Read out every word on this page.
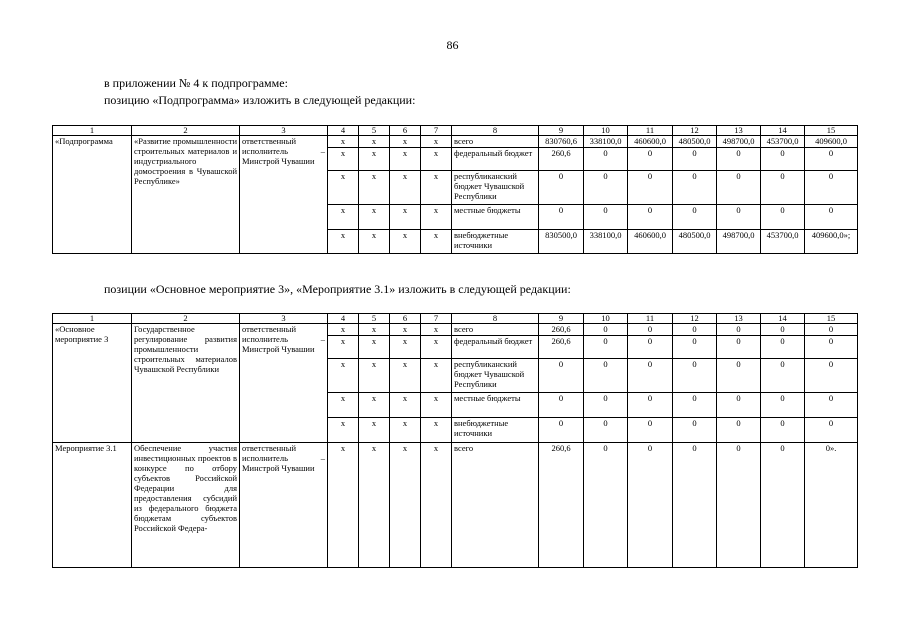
86
в приложении № 4 к подпрограмме:
позицию «Подпрограмма» изложить в следующей редакции:
1	2	3	4	5	6	7	8	9	10	11	12	13	14	15
«Подпрограмма	«Развитие промышленности строительных материалов и индустриального домостроения в Чувашской Республике»	ответственный исполнитель – Минстрой Чувашии	x	x	x	x	всего	830760,6	338100,0	460600,0	480500,0	498700,0	453700,0	409600,0
			x	x	x	x	федеральный бюджет	260,6	0	0	0	0	0	0
			x	x	x	x	республиканский бюджет Чувашской Республики	0	0	0	0	0	0	0
			x	x	x	x	местные бюджеты	0	0	0	0	0	0	0
			x	x	x	x	внебюджетные источники	830500,0	338100,0	460600,0	480500,0	498700,0	453700,0	409600,0»;
позиции «Основное мероприятие 3», «Мероприятие 3.1» изложить в следующей редакции:
1	2	3	4	5	6	7	8	9	10	11	12	13	14	15
«Основное мероприятие 3	Государственное регулирование развития промышленности строительных материалов Чувашской Республики	ответственный исполнитель – Минстрой Чувашии	x	x	x	x	всего	260,6	0	0	0	0	0	0
			x	x	x	x	федеральный бюджет	260,6	0	0	0	0	0	0
			x	x	x	x	республиканский бюджет Чувашской Республики	0	0	0	0	0	0	0
			x	x	x	x	местные бюджеты	0	0	0	0	0	0	0
			x	x	x	x	внебюджетные источники	0	0	0	0	0	0	0
Мероприятие 3.1	Обеспечение участия инвестиционных проектов в конкурсе по отбору субъектов Российской Федерации для предоставления субсидий из федерального бюджета бюджетам субъектов Российской Федера-	ответственный исполнитель – Минстрой Чувашии	x	x	x	x	всего	260,6	0	0	0	0	0	0».
